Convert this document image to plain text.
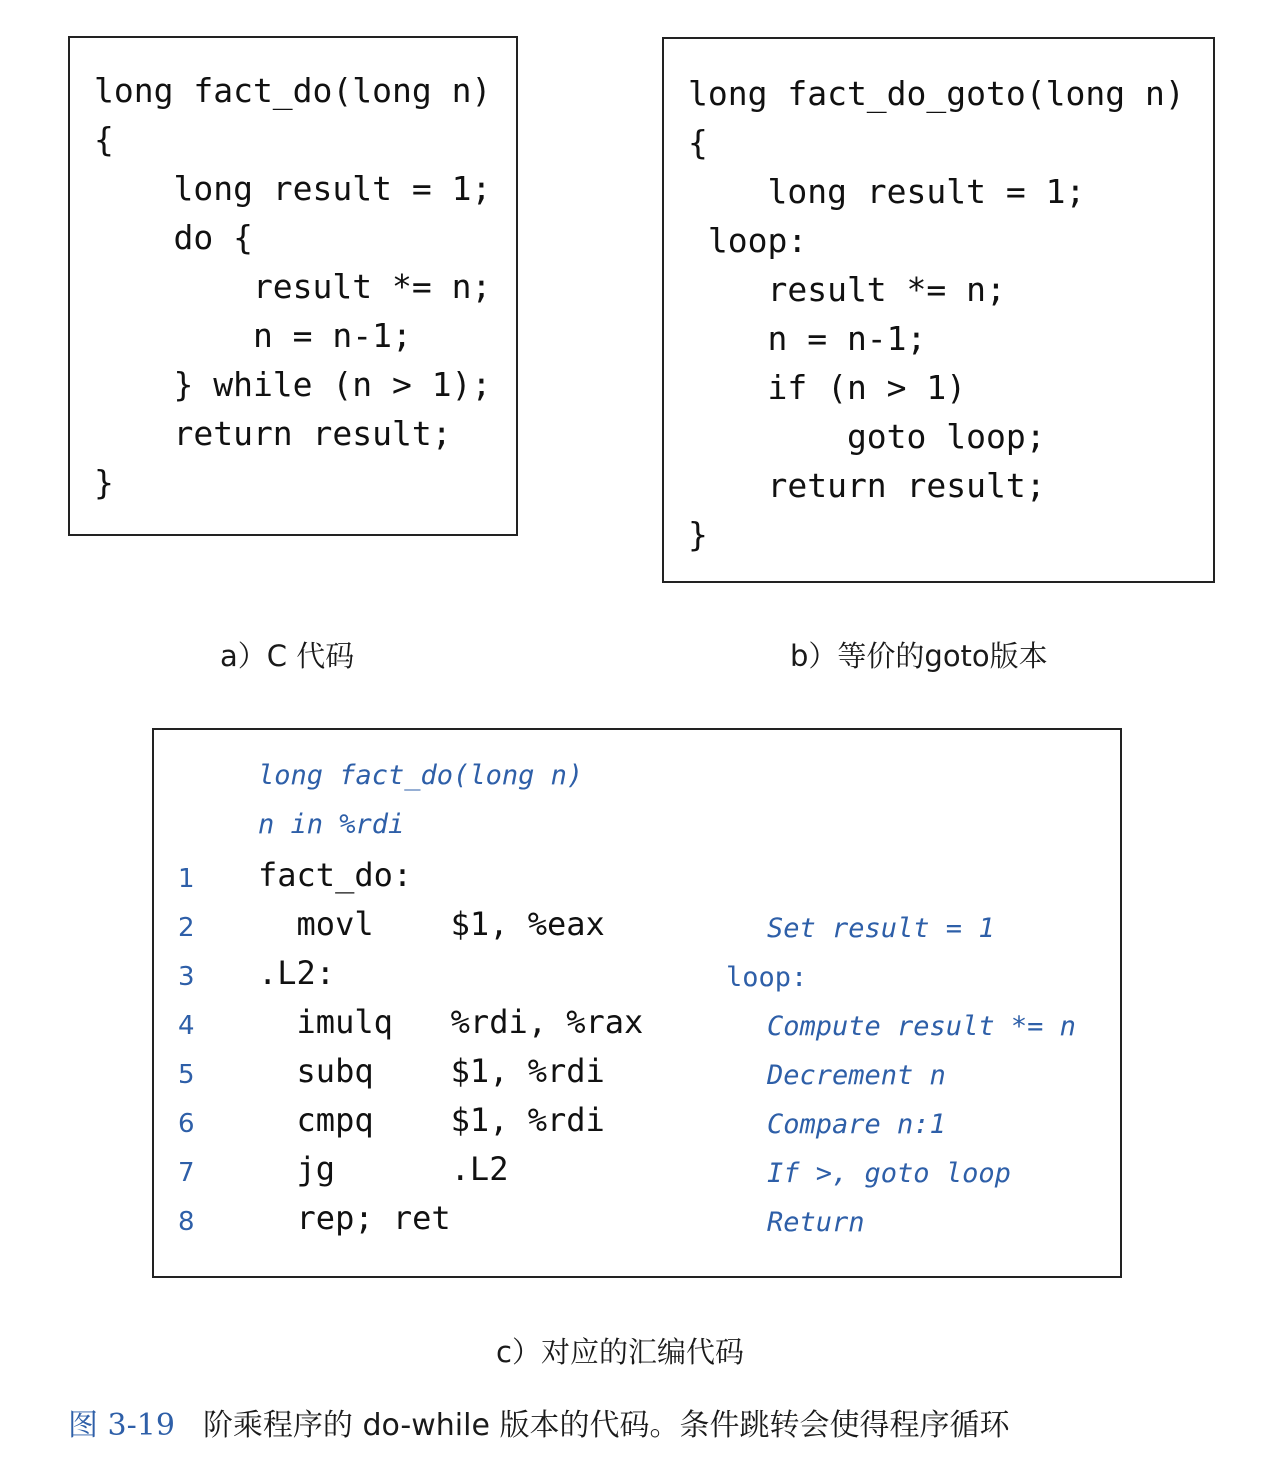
long fact_do(long n)
{
long result = 1;
do {
result *= n;
n = n-1;
} while (n > 1);
return result;
}
a）C 代码
long fact_do_goto(long n)
{
long result = 1;
loop:
result *= n;
n = n-1;
if (n > 1)
goto loop;
return result;
}
b）等价的goto版本
long fact_do(long n)
n in %rdi
1 fact_do:
2 movl    $1, %eax	Set result = 1
3 .L2:	loop:
4 imulq   %rdi, %rax	Compute result *= n
5 subq    $1, %rdi	Decrement n
6 cmpq    $1, %rdi	Compare n:1
7 jg      .L2	If >, goto loop
8 rep; ret	Return
c）对应的汇编代码
图 3-19 阶乘程序的 do-while 版本的代码。条件跳转会使得程序循环
